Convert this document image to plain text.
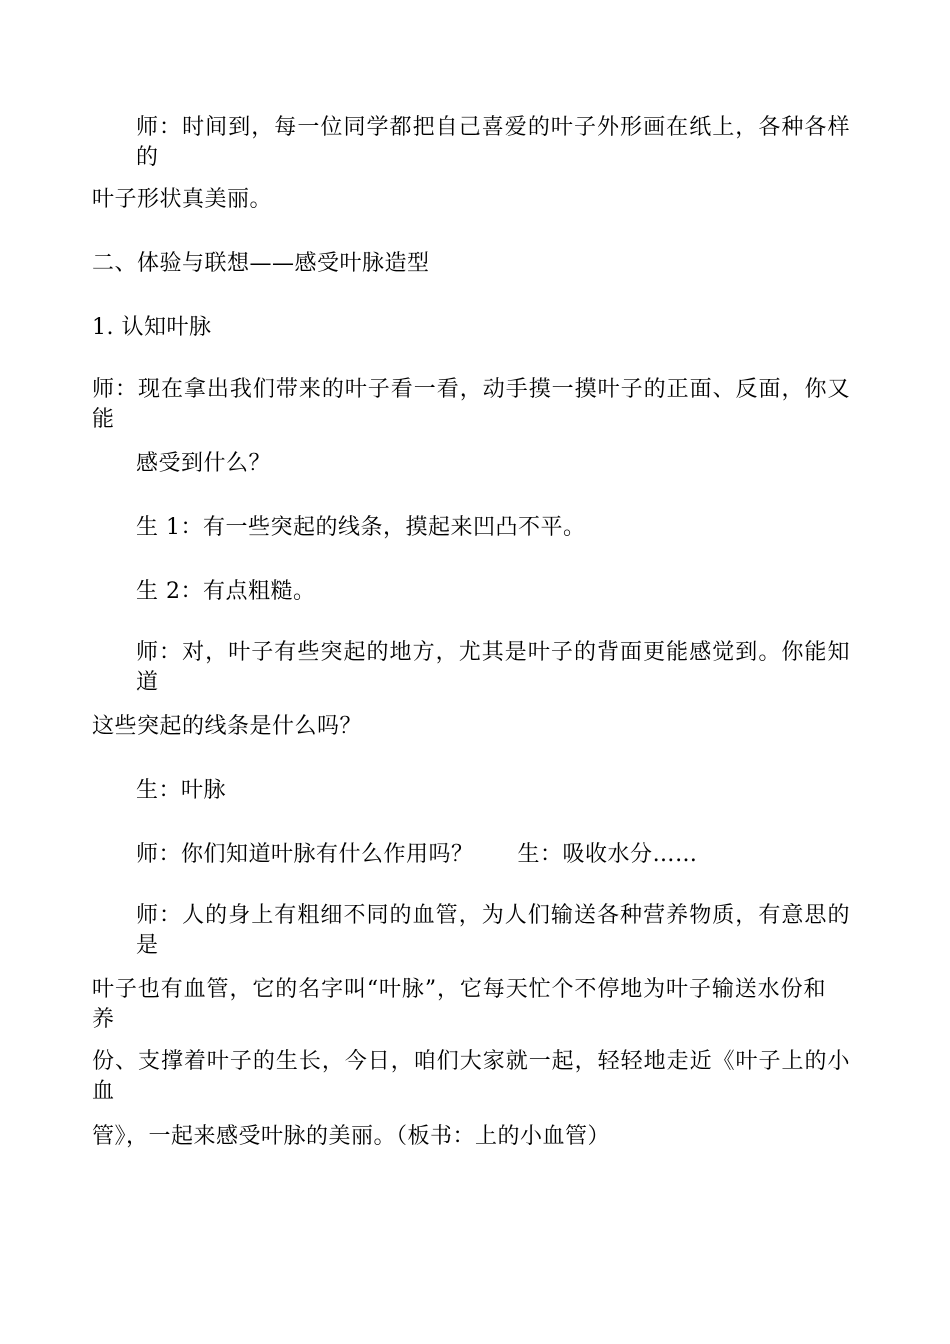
师：时间到，每一位同学都把自己喜爱的叶子外形画在纸上，各种各样的
叶子形状真美丽。
二、体验与联想——感受叶脉造型
1. 认知叶脉
师：现在拿出我们带来的叶子看一看，动手摸一摸叶子的正面、反面，你又能
感受到什么？
生 1：有一些突起的线条，摸起来凹凸不平。
生 2：有点粗糙。
师：对，叶子有些突起的地方，尤其是叶子的背面更能感觉到。你能知道
这些突起的线条是什么吗？
生：叶脉
师：你们知道叶脉有什么作用吗？ 生：吸收水分……
师：人的身上有粗细不同的血管，为人们输送各种营养物质，有意思的是
叶子也有血管，它的名字叫“叶脉”，它每天忙个不停地为叶子输送水份和养
份、支撑着叶子的生长，今日，咱们大家就一起，轻轻地走近《叶子上的小血
管》，一起来感受叶脉的美丽。（板书：上的小血管）
